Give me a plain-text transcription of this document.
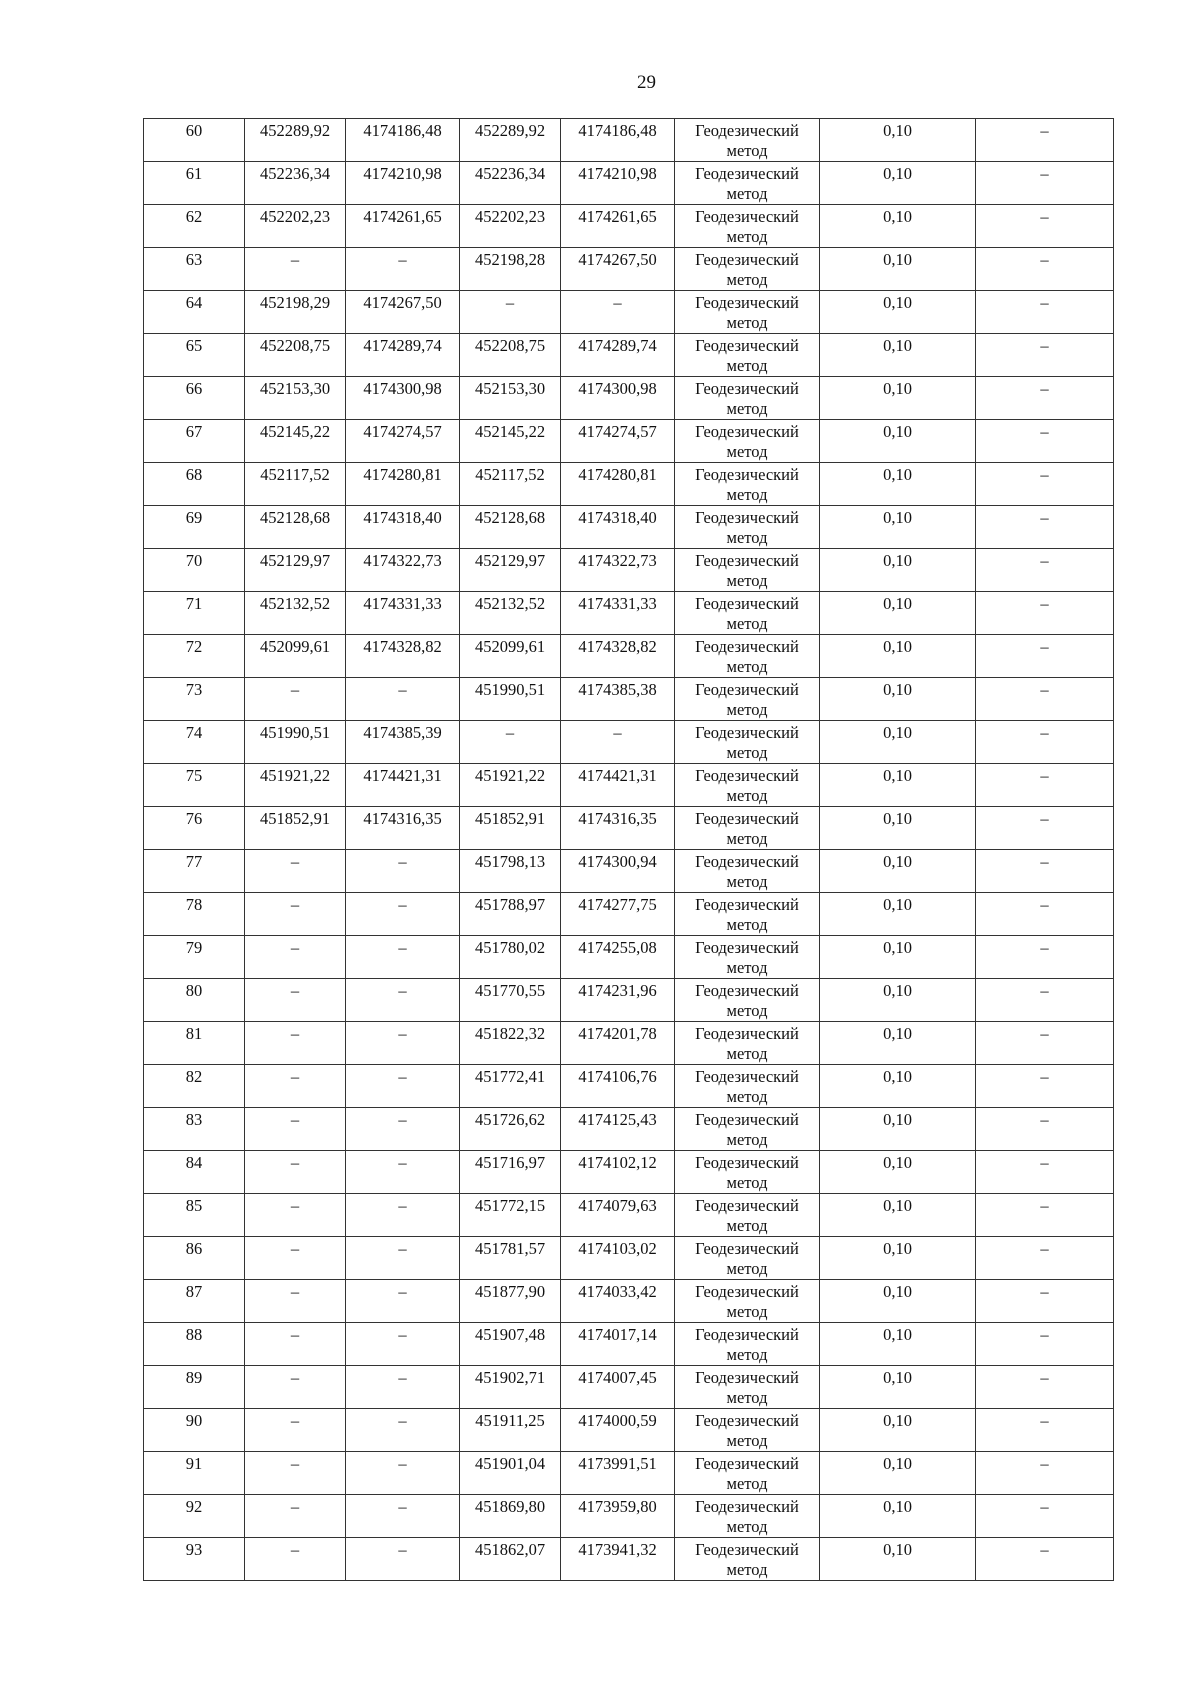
29
60	452289,92	4174186,48	452289,92	4174186,48	Геодезический метод	0,10	–
61	452236,34	4174210,98	452236,34	4174210,98	Геодезический метод	0,10	–
62	452202,23	4174261,65	452202,23	4174261,65	Геодезический метод	0,10	–
63	–	–	452198,28	4174267,50	Геодезический метод	0,10	–
64	452198,29	4174267,50	–	–	Геодезический метод	0,10	–
65	452208,75	4174289,74	452208,75	4174289,74	Геодезический метод	0,10	–
66	452153,30	4174300,98	452153,30	4174300,98	Геодезический метод	0,10	–
67	452145,22	4174274,57	452145,22	4174274,57	Геодезический метод	0,10	–
68	452117,52	4174280,81	452117,52	4174280,81	Геодезический метод	0,10	–
69	452128,68	4174318,40	452128,68	4174318,40	Геодезический метод	0,10	–
70	452129,97	4174322,73	452129,97	4174322,73	Геодезический метод	0,10	–
71	452132,52	4174331,33	452132,52	4174331,33	Геодезический метод	0,10	–
72	452099,61	4174328,82	452099,61	4174328,82	Геодезический метод	0,10	–
73	–	–	451990,51	4174385,38	Геодезический метод	0,10	–
74	451990,51	4174385,39	–	–	Геодезический метод	0,10	–
75	451921,22	4174421,31	451921,22	4174421,31	Геодезический метод	0,10	–
76	451852,91	4174316,35	451852,91	4174316,35	Геодезический метод	0,10	–
77	–	–	451798,13	4174300,94	Геодезический метод	0,10	–
78	–	–	451788,97	4174277,75	Геодезический метод	0,10	–
79	–	–	451780,02	4174255,08	Геодезический метод	0,10	–
80	–	–	451770,55	4174231,96	Геодезический метод	0,10	–
81	–	–	451822,32	4174201,78	Геодезический метод	0,10	–
82	–	–	451772,41	4174106,76	Геодезический метод	0,10	–
83	–	–	451726,62	4174125,43	Геодезический метод	0,10	–
84	–	–	451716,97	4174102,12	Геодезический метод	0,10	–
85	–	–	451772,15	4174079,63	Геодезический метод	0,10	–
86	–	–	451781,57	4174103,02	Геодезический метод	0,10	–
87	–	–	451877,90	4174033,42	Геодезический метод	0,10	–
88	–	–	451907,48	4174017,14	Геодезический метод	0,10	–
89	–	–	451902,71	4174007,45	Геодезический метод	0,10	–
90	–	–	451911,25	4174000,59	Геодезический метод	0,10	–
91	–	–	451901,04	4173991,51	Геодезический метод	0,10	–
92	–	–	451869,80	4173959,80	Геодезический метод	0,10	–
93	–	–	451862,07	4173941,32	Геодезический метод	0,10	–
